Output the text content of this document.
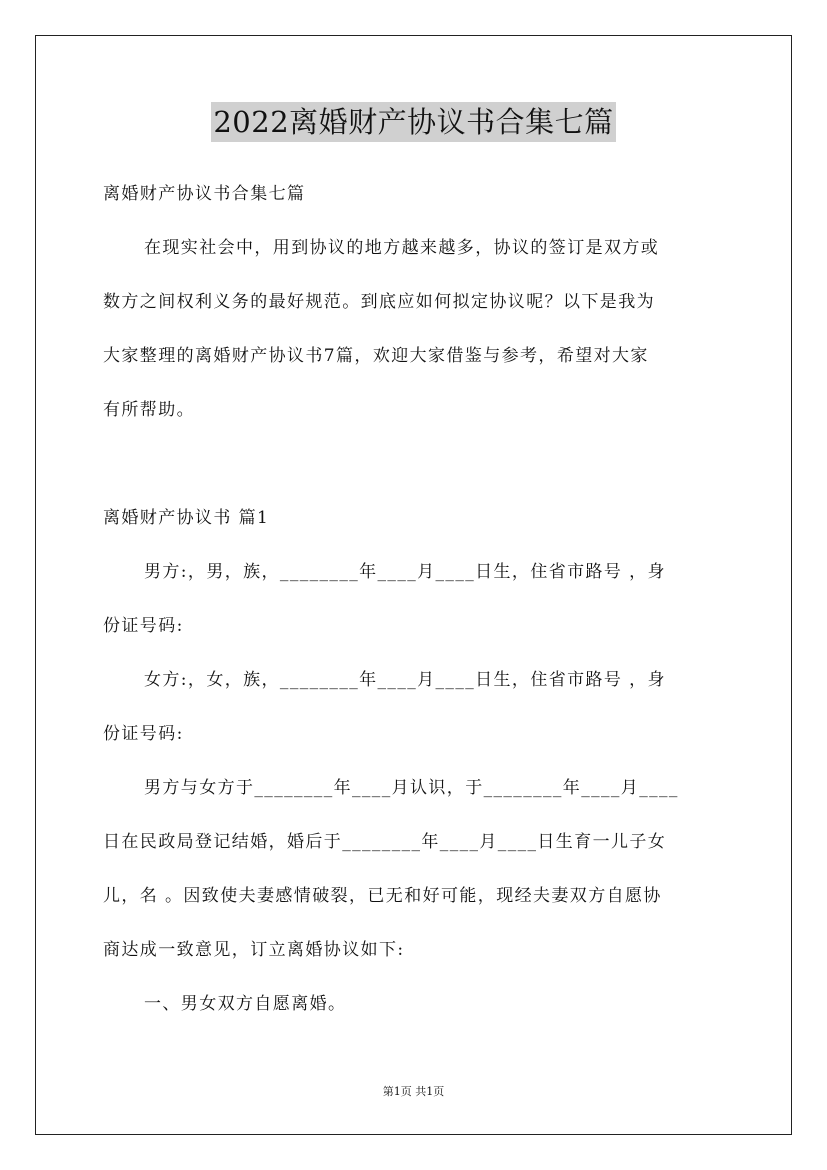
2022离婚财产协议书合集七篇
离婚财产协议书合集七篇
在现实社会中，用到协议的地方越来越多，协议的签订是双方或
数方之间权利义务的最好规范。到底应如何拟定协议呢？以下是我为
大家整理的离婚财产协议书7篇，欢迎大家借鉴与参考，希望对大家
有所帮助。
离婚财产协议书 篇1
男方:，男，族，________年____月____日生，住省市路号 ，身
份证号码:
女方:，女，族，________年____月____日生，住省市路号 ，身
份证号码:
男方与女方于________年____月认识，于________年____月____
日在民政局登记结婚，婚后于________年____月____日生育一儿子女
儿，名 。因致使夫妻感情破裂，已无和好可能，现经夫妻双方自愿协
商达成一致意见，订立离婚协议如下:
一、男女双方自愿离婚。
第1页 共1页
